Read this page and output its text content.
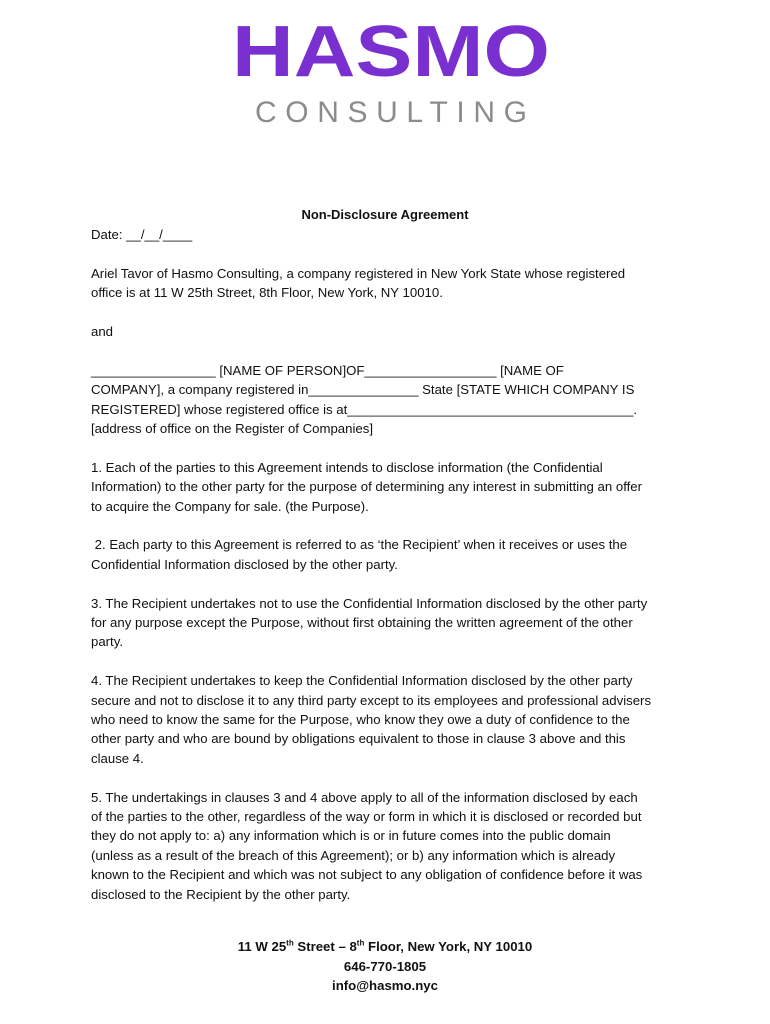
HASMO
CONSULTING
Non-Disclosure Agreement

Date: __/__/____

Ariel Tavor of Hasmo Consulting, a company registered in New York State whose registered
office is at 11 W 25th Street, 8th Floor, New York, NY 10010.

and

_________________ [NAME OF PERSON]OF__________________ [NAME OF
COMPANY], a company registered in_______________ State [STATE WHICH COMPANY IS
REGISTERED] whose registered office is at_______________________________________.
[address of office on the Register of Companies]

1. Each of the parties to this Agreement intends to disclose information (the Confidential
Information) to the other party for the purpose of determining any interest in submitting an offer
to acquire the Company for sale. (the Purpose).

2. Each party to this Agreement is referred to as ‘the Recipient’ when it receives or uses the
Confidential Information disclosed by the other party.

3. The Recipient undertakes not to use the Confidential Information disclosed by the other party
for any purpose except the Purpose, without first obtaining the written agreement of the other
party.

4. The Recipient undertakes to keep the Confidential Information disclosed by the other party
secure and not to disclose it to any third party except to its employees and professional advisers
who need to know the same for the Purpose, who know they owe a duty of confidence to the
other party and who are bound by obligations equivalent to those in clause 3 above and this
clause 4.

5. The undertakings in clauses 3 and 4 above apply to all of the information disclosed by each
of the parties to the other, regardless of the way or form in which it is disclosed or recorded but
they do not apply to: a) any information which is or in future comes into the public domain
(unless as a result of the breach of this Agreement); or b) any information which is already
known to the Recipient and which was not subject to any obligation of confidence before it was
disclosed to the Recipient by the other party.

11 W 25th Street – 8th Floor, New York, NY 10010
646-770-1805
info@hasmo.nyc
